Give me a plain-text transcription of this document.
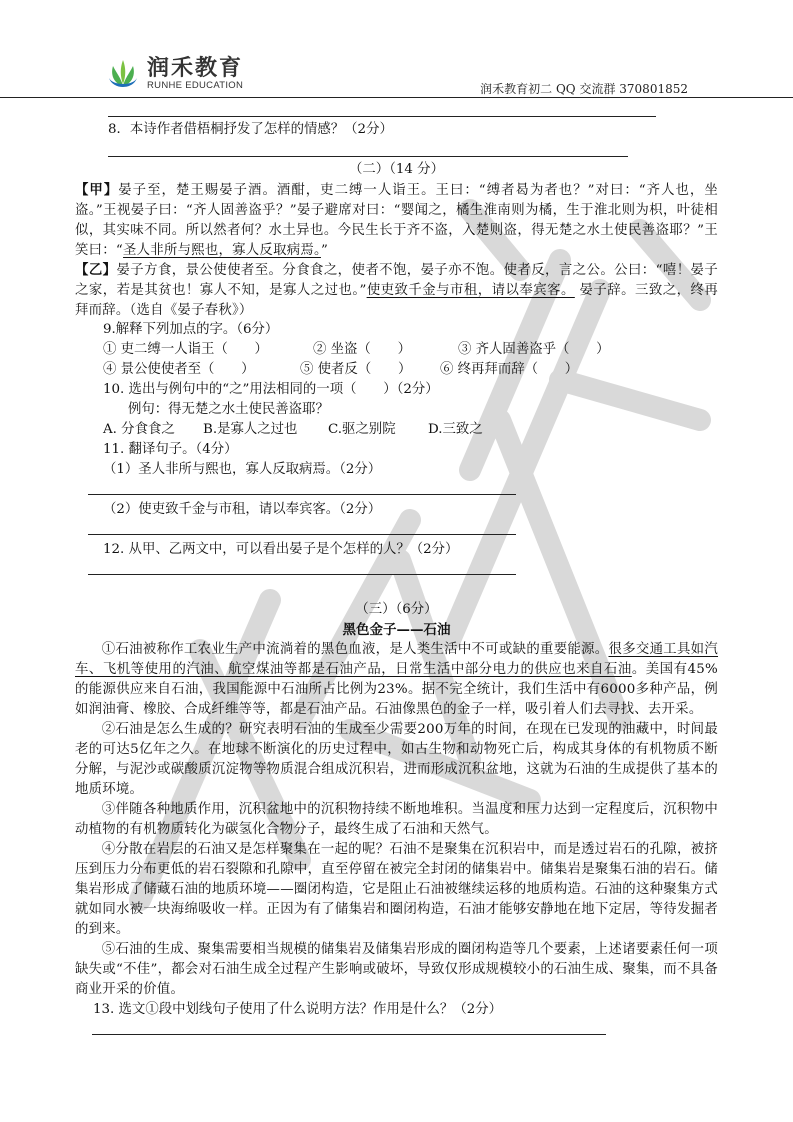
润禾教育
RUNHE EDUCATION	润禾教育初二 QQ 交流群 370801852
8．本诗作者借梧桐抒发了怎样的情感？（2分）
（二）（14 分）
【甲】晏子至，楚王赐晏子酒。酒酣，吏二缚一人诣王。王曰：“缚者曷为者也？”对曰：“齐人也，坐盗。”王视晏子曰：“齐人固善盗乎？”晏子避席对曰：“婴闻之，橘生淮南则为橘，生于淮北则为枳，叶徒相似，其实味不同。所以然者何？水土异也。今民生长于齐不盗，入楚则盗，得无楚之水土使民善盗耶？”王笑曰：“圣人非所与熙也，寡人反取病焉。”
【乙】晏子方食，景公使使者至。分食食之，使者不饱，晏子亦不饱。使者反，言之公。公曰：“嘻！晏子之家，若是其贫也！寡人不知，是寡人之过也。”使吏致千金与市租，请以奉宾客。 晏子辞。三致之，终再拜而辞。（选自《晏子春秋》）
9.解释下列加点的字。（6分）
① 吏二缚一人诣王（　　）	② 坐盗（　　）	③ 齐人固善盗乎（　　）
④ 景公使使者至（　　）	⑤ 使者反（　　） ⑥ 终再拜而辞（　　）
10. 选出与例句中的“之”用法相同的一项（　　）（2分）
例句：得无楚之水土使民善盗耶？
A. 分食食之 B.是寡人之过也 C.驱之别院 D.三致之
11. 翻译句子。（4分）
（1）圣人非所与熙也，寡人反取病焉。（2分）
（2）使吏致千金与市租，请以奉宾客。（2分）
12. 从甲、乙两文中，可以看出晏子是个怎样的人？（2分）
（三）（6分）
黑色金子——石油
①石油被称作工农业生产中流淌着的黑色血液，是人类生活中不可或缺的重要能源。很多交通工具如汽车、飞机等使用的汽油、航空煤油等都是石油产品，日常生活中部分电力的供应也来自石油。美国有45%的能源供应来自石油，我国能源中石油所占比例为23%。据不完全统计，我们生活中有6000多种产品，例如润油膏、橡胶、合成纤维等等，都是石油产品。石油像黑色的金子一样，吸引着人们去寻找、去开采。
②石油是怎么生成的？研究表明石油的生成至少需要200万年的时间，在现在已发现的油藏中，时间最老的可达5亿年之久。在地球不断演化的历史过程中，如古生物和动物死亡后，构成其身体的有机物质不断分解，与泥沙或碳酸质沉淀物等物质混合组成沉积岩，进而形成沉积盆地，这就为石油的生成提供了基本的地质环境。
③伴随各种地质作用，沉积盆地中的沉积物持续不断地堆积。当温度和压力达到一定程度后，沉积物中动植物的有机物质转化为碳氢化合物分子，最终生成了石油和天然气。
④分散在岩层的石油又是怎样聚集在一起的呢？石油不是聚集在沉积岩中，而是透过岩石的孔隙，被挤压到压力分布更低的岩石裂隙和孔隙中，直至停留在被完全封闭的储集岩中。储集岩是聚集石油的岩石。储集岩形成了储藏石油的地质环境——圈闭构造，它是阻止石油被继续运移的地质构造。石油的这种聚集方式就如同水被一块海绵吸收一样。正因为有了储集岩和圈闭构造，石油才能够安静地在地下定居，等待发掘者的到来。
⑤石油的生成、聚集需要相当规模的储集岩及储集岩形成的圈闭构造等几个要素，上述诸要素任何一项缺失或“不佳”，都会对石油生成全过程产生影响或破坏，导致仅形成规模较小的石油生成、聚集，而不具备商业开采的价值。
13. 选文①段中划线句子使用了什么说明方法？作用是什么？（2分）
